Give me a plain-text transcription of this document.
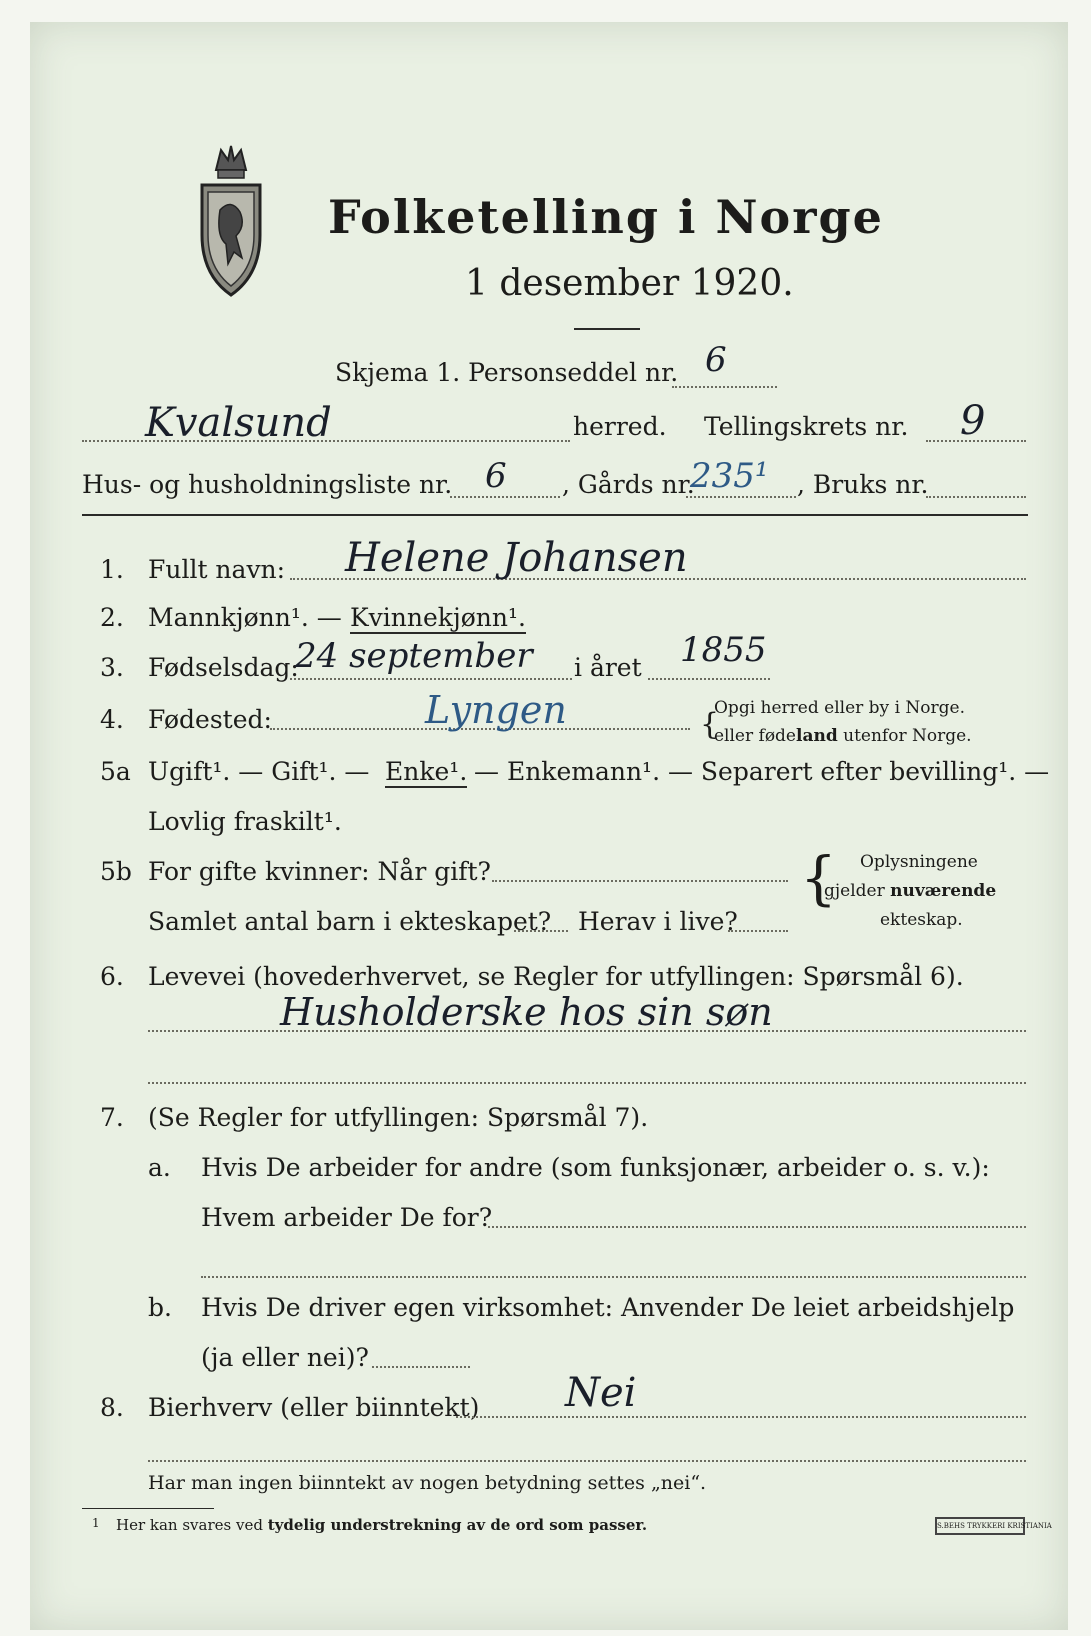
Folketelling i Norge
1 desember 1920.
Skjema 1. Personseddel nr. 6
Kvalsund	herred. Tellingskrets nr. 9
Hus- og husholdningsliste nr. 6 , Gårds nr.
235¹ , Bruks nr.
1. Fullt navn: Helene Johansen
2. Mannkjønn¹. — Kvinnekjønn¹.
3. Fødselsdag:
24 september i året 1855
4. Fødested:	Lyngen	{
Opgi herred eller by i Norge.
eller fødeland utenfor Norge.
5a Ugift¹. — Gift¹. — Enke¹. — Enkemann¹. — Separert efter bevilling¹. —
Lovlig fraskilt¹.
5b For gifte kvinner: Når gift?
Samlet antal barn i ekteskapet? Herav i live?
{ Oplysningene
gjelder nuværende
ekteskap.
6. Levevei (hovederhvervet, se Regler for utfyllingen: Spørsmål 6).
Husholderske hos sin søn
7. (Se Regler for utfyllingen: Spørsmål 7).
a. Hvis De arbeider for andre (som funksjonær, arbeider o. s. v.):
Hvem arbeider De for?
b. Hvis De driver egen virksomhet: Anvender De leiet arbeidshjelp
(ja eller nei)?
8. Bierhverv (eller biinntekt) Nei
Har man ingen biinntekt av nogen betydning settes „nei“.
1 Her kan svares ved tydelig understrekning av de ord som passer.	S.BEHS TRYKKERI KRISTIANIA
